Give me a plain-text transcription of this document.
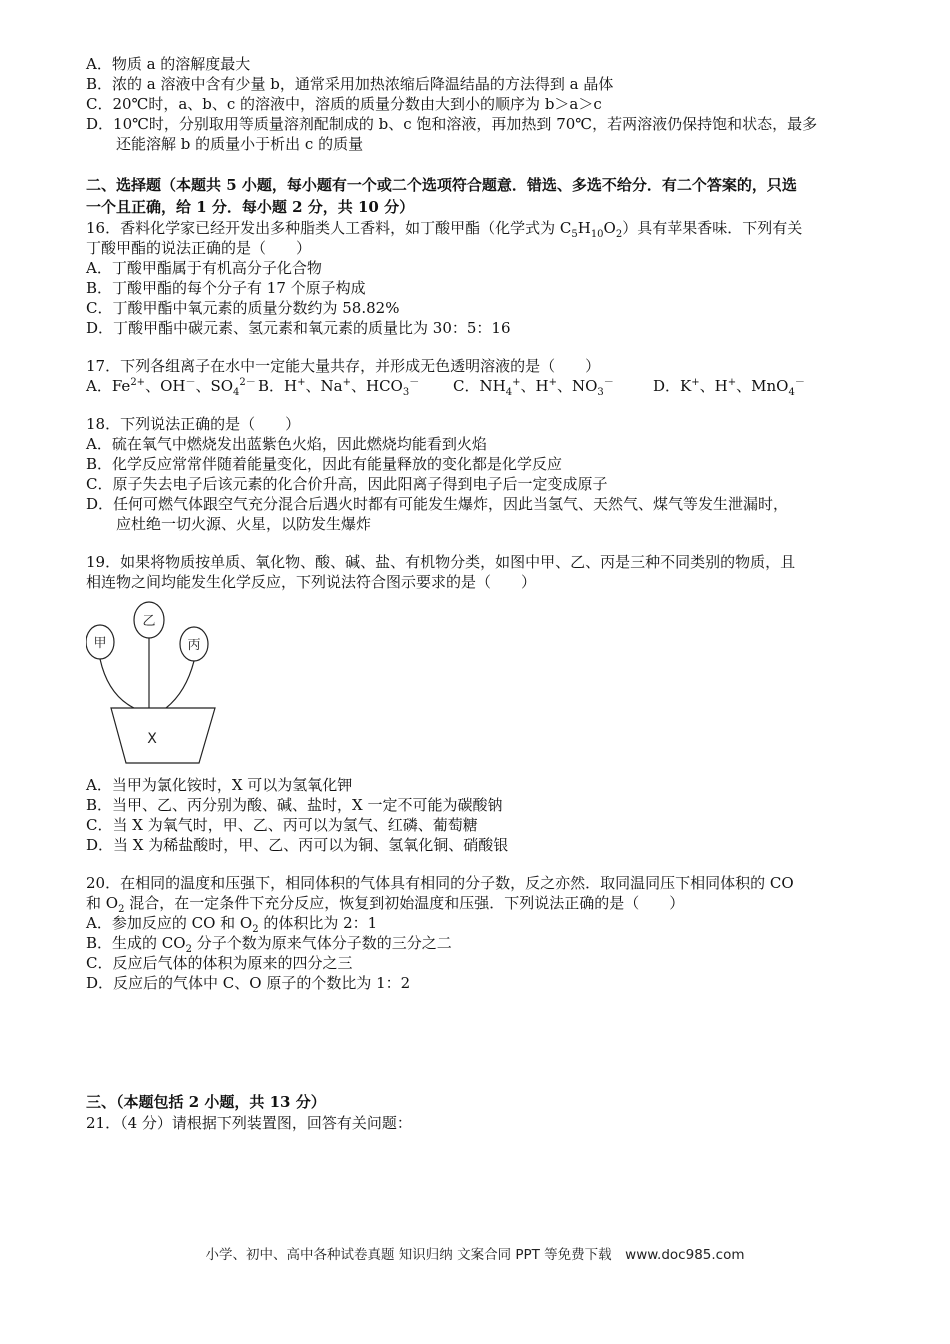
A．物质 a 的溶解度最大

B．浓的 a 溶液中含有少量 b，通常采用加热浓缩后降温结晶的方法得到 a 晶体

C．20℃时，a、b、c 的溶液中，溶质的质量分数由大到小的顺序为 b＞a＞c

D．10℃时，分别取用等质量溶剂配制成的 b、c 饱和溶液，再加热到 70℃，若两溶液仍保持饱和状态，最多

还能溶解 b 的质量小于析出 c 的质量

二、选择题（本题共 5 小题，每小题有一个或二个选项符合题意．错选、多选不给分．有二个答案的，只选

一个且正确，给 1 分．每小题 2 分，共 10 分）

16．香料化学家已经开发出多种脂类人工香料，如丁酸甲酯（化学式为 $C_5H_{10}O_2$）具有苹果香味．下列有关

丁酸甲酯的说法正确的是（　　）

A．丁酸甲酯属于有机高分子化合物

B．丁酸甲酯的每个分子有 17 个原子构成

C．丁酸甲酯中氧元素的质量分数约为 58.82%

D．丁酸甲酯中碳元素、氢元素和氧元素的质量比为 30：5：16

17．下列各组离子在水中一定能大量共存，并形成无色透明溶液的是（　　）

A．$Fe^{2+}$、OH－、$SO_4^{2-}$ B．H+、Na+、$HCO_3^-$	C．$NH_4^+$、H+、$NO_3^-$	D．K+、H+、MnO$_4$－

18．下列说法正确的是（　　）

A．硫在氧气中燃烧发出蓝紫色火焰，因此燃烧均能看到火焰

B．化学反应常常伴随着能量变化，因此有能量释放的变化都是化学反应

C．原子失去电子后该元素的化合价升高，因此阳离子得到电子后一定变成原子

D．任何可燃气体跟空气充分混合后遇火时都有可能发生爆炸，因此当氢气、天然气、煤气等发生泄漏时，

应杜绝一切火源、火星，以防发生爆炸

19．如果将物质按单质、氧化物、酸、碱、盐、有机物分类，如图中甲、乙、丙是三种不同类别的物质，且

相连物之间均能发生化学反应，下列说法符合图示要求的是（　　）

甲
乙
丙
X

A．当甲为氯化铵时，X 可以为氢氧化钾

B．当甲、乙、丙分别为酸、碱、盐时，X 一定不可能为碳酸钠

C．当 X 为氧气时，甲、乙、丙可以为氢气、红磷、葡萄糖

D．当 X 为稀盐酸时，甲、乙、丙可以为铜、氢氧化铜、硝酸银

20．在相同的温度和压强下，相同体积的气体具有相同的分子数，反之亦然．取同温同压下相同体积的 CO

和 $O_2$ 混合，在一定条件下充分反应，恢复到初始温度和压强．下列说法正确的是（　　）

A．参加反应的 CO 和 $O_2$ 的体积比为 2：1

B．生成的 $CO_2$ 分子个数为原来气体分子数的三分之二

C．反应后气体的体积为原来的四分之三

D．反应后的气体中 C、O 原子的个数比为 1：2

三、（本题包括 2 小题，共 13 分）

21．（4 分）请根据下列装置图，回答有关问题：

小学、初中、高中各种试卷真题 知识归纳 文案合同 PPT 等免费下载　www.doc985.com
